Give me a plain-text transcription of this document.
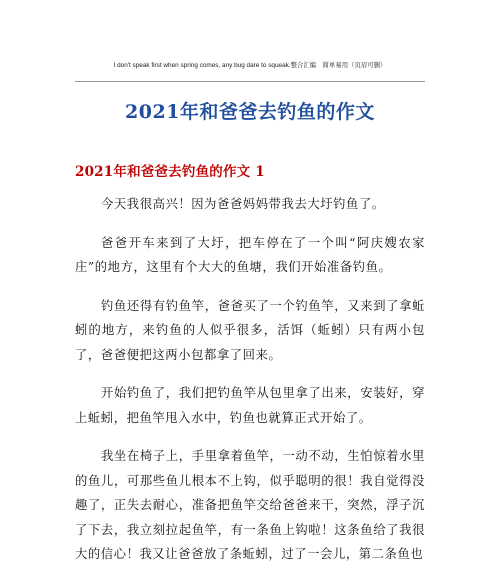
I don't speak first when spring comes, any bug dare to squeak.整合汇编　简单易用（页眉可删）
2021年和爸爸去钓鱼的作文
2021年和爸爸去钓鱼的作文 1

今天我很高兴！因为爸爸妈妈带我去大圩钓鱼了。

爸爸开车来到了大圩，把车停在了一个叫“阿庆嫂农家庄”的地方，这里有个大大的鱼塘，我们开始准备钓鱼。

钓鱼还得有钓鱼竿，爸爸买了一个钓鱼竿，又来到了拿蚯蚓的地方，来钓鱼的人似乎很多，活饵（蚯蚓）只有两小包了，爸爸便把这两小包都拿了回来。

开始钓鱼了，我们把钓鱼竿从包里拿了出来，安装好，穿上蚯蚓，把鱼竿甩入水中，钓鱼也就算正式开始了。

我坐在椅子上，手里拿着鱼竿，一动不动，生怕惊着水里的鱼儿，可那些鱼儿根本不上钩，似乎聪明的很！我自觉得没趣了，正失去耐心，准备把鱼竿交给爸爸来干，突然，浮子沉了下去，我立刻拉起鱼竿，有一条鱼上钩啦！这条鱼给了我很大的信心！我又让爸爸放了条蚯蚓，过了一会儿，第二条鱼也
